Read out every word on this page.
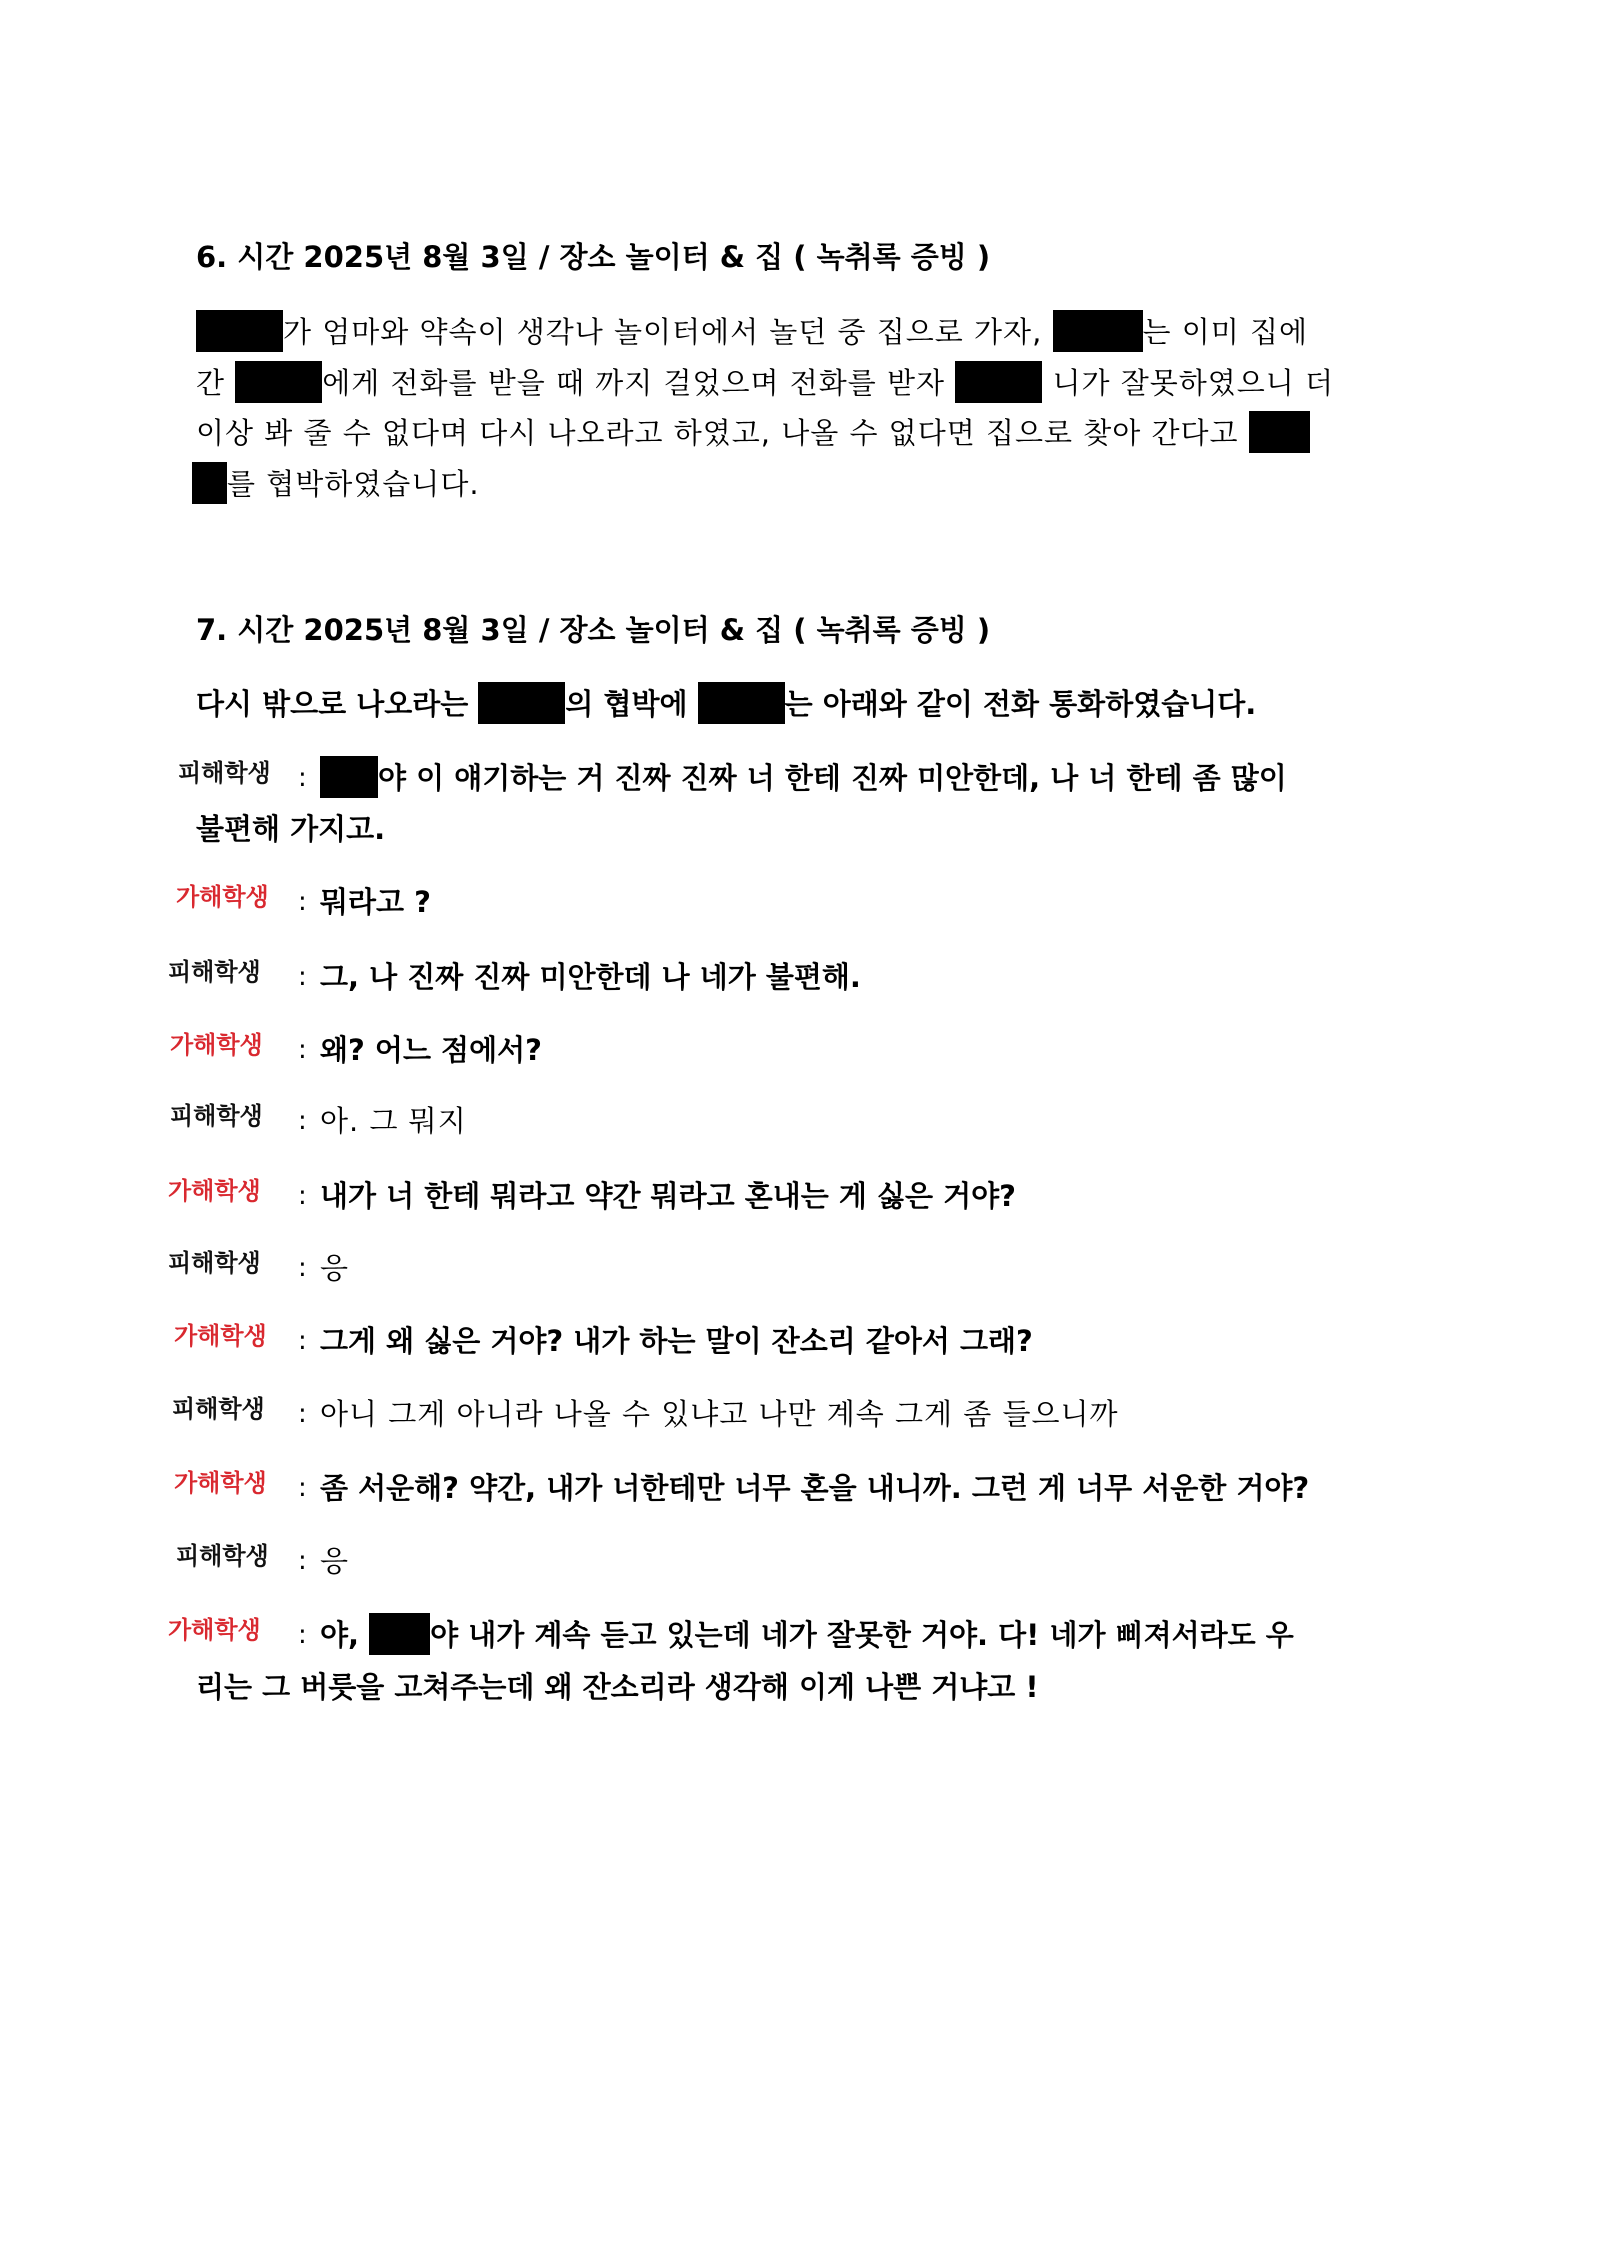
6. 시간 2025년 8월 3일 / 장소 놀이터 & 집 ( 녹취록 증빙 )
가 엄마와 약속이 생각나 놀이터에서 놀던 중 집으로 가자,	는 이미 집에
간	에게 전화를 받을 때 까지 걸었으며 전화를 받자	니가 잘못하였으니 더
이상 봐 줄 수 없다며 다시 나오라고 하였고, 나올 수 없다면 집으로 찾아 간다고
를 협박하였습니다.
7. 시간 2025년 8월 3일 / 장소 놀이터 & 집 ( 녹취록 증빙 )
다시 밖으로 나오라는	의 협박에	는 아래와 같이 전화 통화하였습니다.
피해학생 :	야 이 얘기하는 거 진짜 진짜 너 한테 진짜 미안한데, 나 너 한테 좀 많이
불편해 가지고.
가해학생 : 뭐라고 ?
피해학생 : 그, 나 진짜 진짜 미안한데 나 네가 불편해.
가해학생 : 왜? 어느 점에서?
피해학생 : 아. 그 뭐지
가해학생 : 내가 너 한테 뭐라고 약간 뭐라고 혼내는 게 싫은 거야?
피해학생 : 응
가해학생 : 그게 왜 싫은 거야? 내가 하는 말이 잔소리 같아서 그래?
피해학생 : 아니 그게 아니라 나올 수 있냐고 나만 계속 그게 좀 들으니까
가해학생 : 좀 서운해? 약간, 내가 너한테만 너무 혼을 내니까. 그런 게 너무 서운한 거야?
피해학생 : 응
가해학생 : 야, 야 내가 계속 듣고 있는데 네가 잘못한 거야. 다! 네가 삐져서라도 우
리는 그 버릇을 고쳐주는데 왜 잔소리라 생각해 이게 나쁜 거냐고 !
